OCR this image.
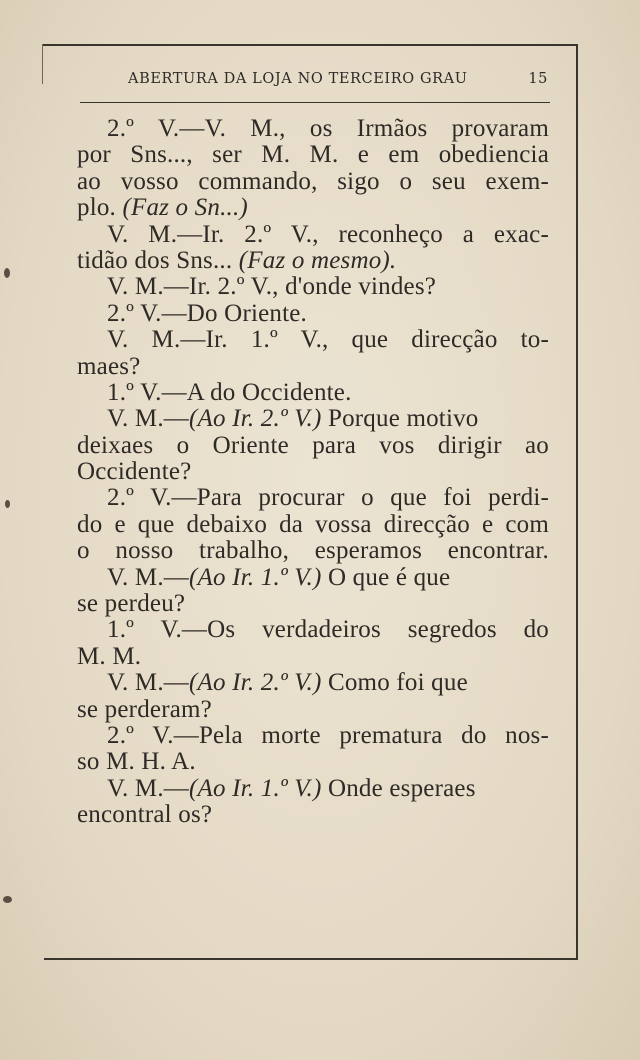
ABERTURA DA LOJA NO TERCEIRO GRAU	15
2.º V.—V. M., os Irmãos provaram
por Sns..., ser M. M. e em obediencia
ao vosso commando, sigo o seu exem-
plo. (Faz o Sn...)
V. M.—Ir. 2.º V., reconheço a exac-
tidão dos Sns... (Faz o mesmo).
V. M.—Ir. 2.º V., d'onde vindes?
2.º V.—Do Oriente.
V. M.—Ir. 1.º V., que direcção to-
maes?
1.º V.—A do Occidente.
V. M.—(Ao Ir. 2.º V.) Porque motivo
deixaes o Oriente para vos dirigir ao
Occidente?
2.º V.—Para procurar o que foi perdi-
do e que debaixo da vossa direcção e com
o nosso trabalho, esperamos encontrar.
V. M.—(Ao Ir. 1.º V.) O que é que
se perdeu?
1.º V.—Os verdadeiros segredos do
M. M.
V. M.—(Ao Ir. 2.º V.) Como foi que
se perderam?
2.º V.—Pela morte prematura do nos-
so M. H. A.
V. M.—(Ao Ir. 1.º V.) Onde esperaes
encontral os?
